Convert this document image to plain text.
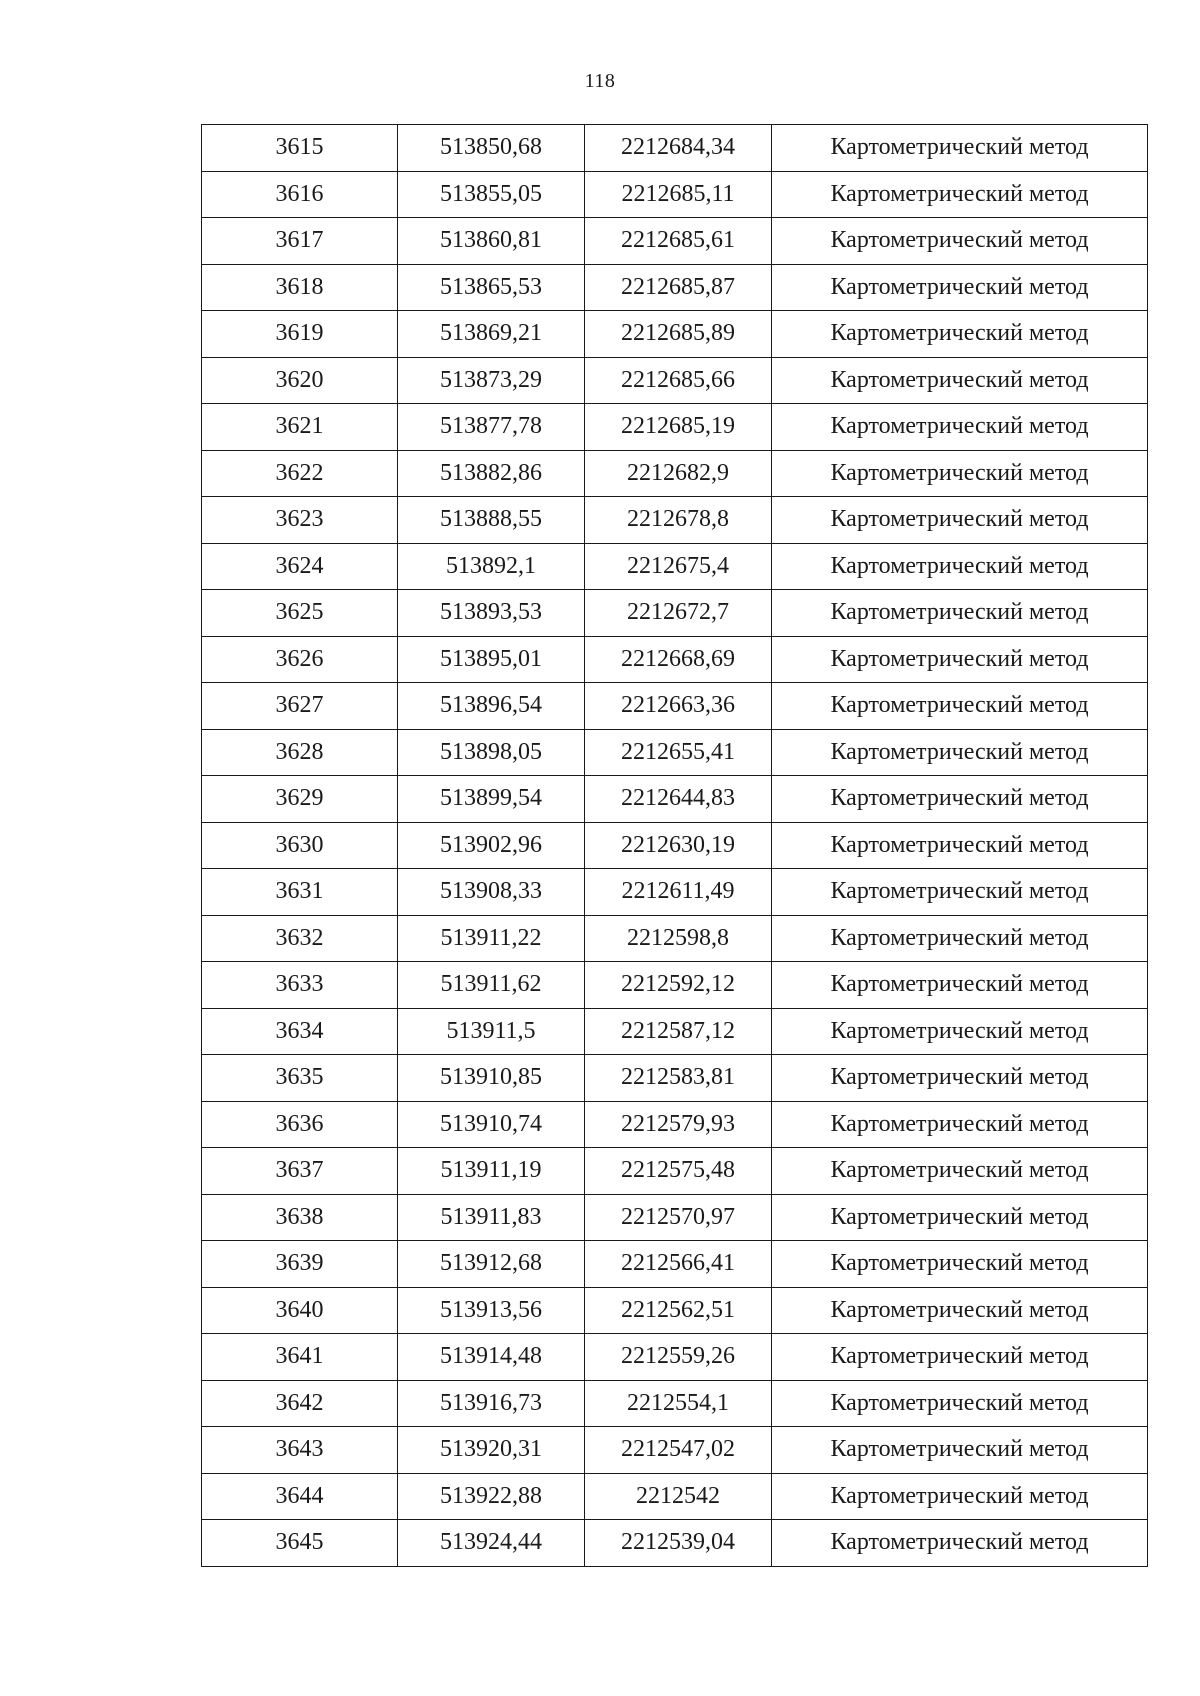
118
3615	513850,68	2212684,34	Картометрический метод
3616	513855,05	2212685,11	Картометрический метод
3617	513860,81	2212685,61	Картометрический метод
3618	513865,53	2212685,87	Картометрический метод
3619	513869,21	2212685,89	Картометрический метод
3620	513873,29	2212685,66	Картометрический метод
3621	513877,78	2212685,19	Картометрический метод
3622	513882,86	2212682,9	Картометрический метод
3623	513888,55	2212678,8	Картометрический метод
3624	513892,1	2212675,4	Картометрический метод
3625	513893,53	2212672,7	Картометрический метод
3626	513895,01	2212668,69	Картометрический метод
3627	513896,54	2212663,36	Картометрический метод
3628	513898,05	2212655,41	Картометрический метод
3629	513899,54	2212644,83	Картометрический метод
3630	513902,96	2212630,19	Картометрический метод
3631	513908,33	2212611,49	Картометрический метод
3632	513911,22	2212598,8	Картометрический метод
3633	513911,62	2212592,12	Картометрический метод
3634	513911,5	2212587,12	Картометрический метод
3635	513910,85	2212583,81	Картометрический метод
3636	513910,74	2212579,93	Картометрический метод
3637	513911,19	2212575,48	Картометрический метод
3638	513911,83	2212570,97	Картометрический метод
3639	513912,68	2212566,41	Картометрический метод
3640	513913,56	2212562,51	Картометрический метод
3641	513914,48	2212559,26	Картометрический метод
3642	513916,73	2212554,1	Картометрический метод
3643	513920,31	2212547,02	Картометрический метод
3644	513922,88	2212542	Картометрический метод
3645	513924,44	2212539,04	Картометрический метод
